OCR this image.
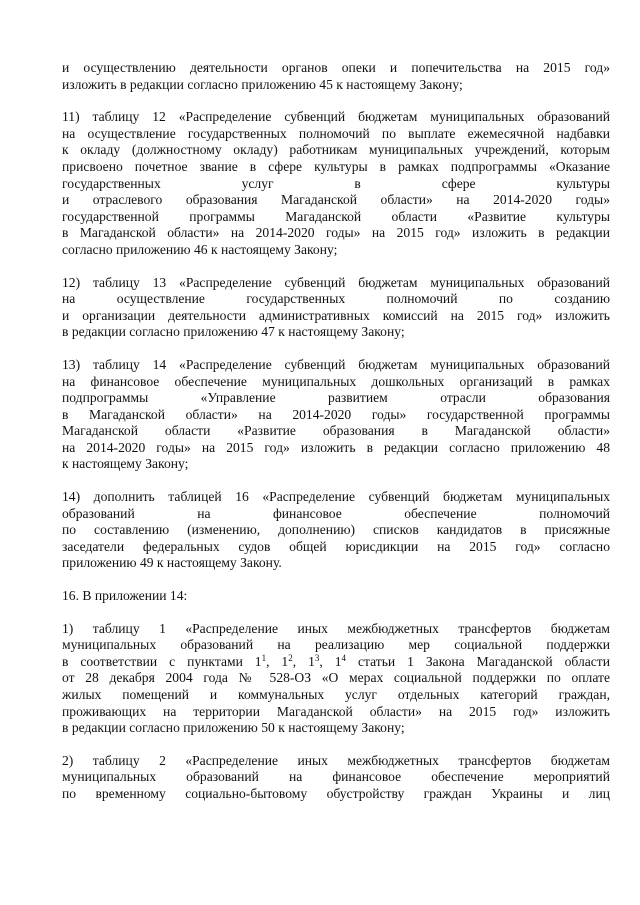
и осуществлению деятельности органов опеки и попечительства на 2015 год»
изложить в редакции согласно приложению 45 к настоящему Закону;

11) таблицу 12 «Распределение субвенций бюджетам муниципальных образований
на осуществление государственных полномочий по выплате ежемесячной надбавки
к окладу (должностному окладу) работникам муниципальных учреждений, которым
присвоено почетное звание в сфере культуры в рамках подпрограммы «Оказание
государственных услуг в сфере культуры
и отраслевого образования Магаданской области» на 2014-2020 годы»
государственной программы Магаданской области «Развитие культуры
в Магаданской области» на 2014-2020 годы» на 2015 год» изложить в редакции
согласно приложению 46 к настоящему Закону;

12) таблицу 13 «Распределение субвенций бюджетам муниципальных образований
на осуществление государственных полномочий по созданию
и организации деятельности административных комиссий на 2015 год» изложить
в редакции согласно приложению 47 к настоящему Закону;

13) таблицу 14 «Распределение субвенций бюджетам муниципальных образований
на финансовое обеспечение муниципальных дошкольных организаций в рамках
подпрограммы «Управление развитием отрасли образования
в Магаданской области» на 2014-2020 годы» государственной программы
Магаданской области «Развитие образования в Магаданской области»
на 2014-2020 годы» на 2015 год» изложить в редакции согласно приложению 48
к настоящему Закону;

14) дополнить таблицей 16 «Распределение субвенций бюджетам муниципальных
образований на финансовое обеспечение полномочий
по составлению (изменению, дополнению) списков кандидатов в присяжные
заседатели федеральных судов общей юрисдикции на 2015 год» согласно
приложению 49 к настоящему Закону.

16. В приложении 14:

1) таблицу 1 «Распределение иных межбюджетных трансфертов бюджетам
муниципальных образований на реализацию мер социальной поддержки
в соответствии с пунктами $1^1$, $1^2$, $1^3$, $1^4$ статьи 1 Закона Магаданской области
от 28 декабря 2004 года № 528-ОЗ «О мерах социальной поддержки по оплате
жилых помещений и коммунальных услуг отдельных категорий граждан,
проживающих на территории Магаданской области» на 2015 год» изложить
в редакции согласно приложению 50 к настоящему Закону;

2) таблицу 2 «Распределение иных межбюджетных трансфертов бюджетам
муниципальных образований на финансовое обеспечение мероприятий
по временному социально-бытовому обустройству граждан Украины и лиц
